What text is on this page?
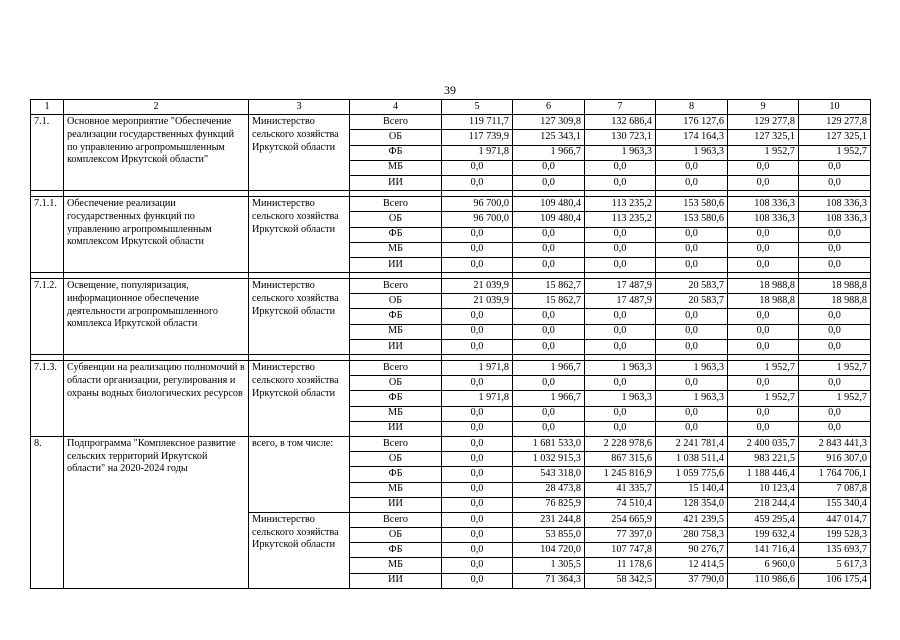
39
1	2	3	4	5	6	7	8	9	10
7.1.	Основное мероприятие "Обеспечение реализации государственных функций по управлению агропромышленным комплексом Иркутской области"	Министерство сельского хозяйства Иркутской области	Всего	119 711,7	127 309,8	132 686,4	176 127,6	129 277,8	129 277,8
			ОБ	117 739,9	125 343,1	130 723,1	174 164,3	127 325,1	127 325,1
			ФБ	1 971,8	1 966,7	1 963,3	1 963,3	1 952,7	1 952,7
			МБ	0,0	0,0	0,0	0,0	0,0	0,0
			ИИ	0,0	0,0	0,0	0,0	0,0	0,0

7.1.1.	Обеспечение реализации государственных функций по управлению агропромышленным комплексом Иркутской области	Министерство сельского хозяйства Иркутской области	Всего	96 700,0	109 480,4	113 235,2	153 580,6	108 336,3	108 336,3
			ОБ	96 700,0	109 480,4	113 235,2	153 580,6	108 336,3	108 336,3
			ФБ	0,0	0,0	0,0	0,0	0,0	0,0
			МБ	0,0	0,0	0,0	0,0	0,0	0,0
			ИИ	0,0	0,0	0,0	0,0	0,0	0,0

7.1.2.	Освещение, популяризация, информационное обеспечение деятельности агропромышленного комплекса Иркутской области	Министерство сельского хозяйства Иркутской области	Всего	21 039,9	15 862,7	17 487,9	20 583,7	18 988,8	18 988,8
			ОБ	21 039,9	15 862,7	17 487,9	20 583,7	18 988,8	18 988,8
			ФБ	0,0	0,0	0,0	0,0	0,0	0,0
			МБ	0,0	0,0	0,0	0,0	0,0	0,0
			ИИ	0,0	0,0	0,0	0,0	0,0	0,0

7.1.3.	Субвенции на реализацию полномочий в области организации, регулирования и охраны водных биологических ресурсов	Министерство сельского хозяйства Иркутской области	Всего	1 971,8	1 966,7	1 963,3	1 963,3	1 952,7	1 952,7
			ОБ	0,0	0,0	0,0	0,0	0,0	0,0
			ФБ	1 971,8	1 966,7	1 963,3	1 963,3	1 952,7	1 952,7
			МБ	0,0	0,0	0,0	0,0	0,0	0,0
			ИИ	0,0	0,0	0,0	0,0	0,0	0,0
8.	Подпрограмма "Комплексное развитие сельских территорий Иркутской области" на 2020-2024 годы	всего, в том числе:	Всего	0,0	1 681 533,0	2 228 978,6	2 241 781,4	2 400 035,7	2 843 441,3
			ОБ	0,0	1 032 915,3	867 315,6	1 038 511,4	983 221,5	916 307,0
			ФБ	0,0	543 318,0	1 245 816,9	1 059 775,6	1 188 446,4	1 764 706,1
			МБ	0,0	28 473,8	41 335,7	15 140,4	10 123,4	7 087,8
			ИИ	0,0	76 825,9	74 510,4	128 354,0	218 244,4	155 340,4
		Министерство сельского хозяйства Иркутской области	Всего	0,0	231 244,8	254 665,9	421 239,5	459 295,4	447 014,7
			ОБ	0,0	53 855,0	77 397,0	280 758,3	199 632,4	199 528,3
			ФБ	0,0	104 720,0	107 747,8	90 276,7	141 716,4	135 693,7
			МБ	0,0	1 305,5	11 178,6	12 414,5	6 960,0	5 617,3
			ИИ	0,0	71 364,3	58 342,5	37 790,0	110 986,6	106 175,4
